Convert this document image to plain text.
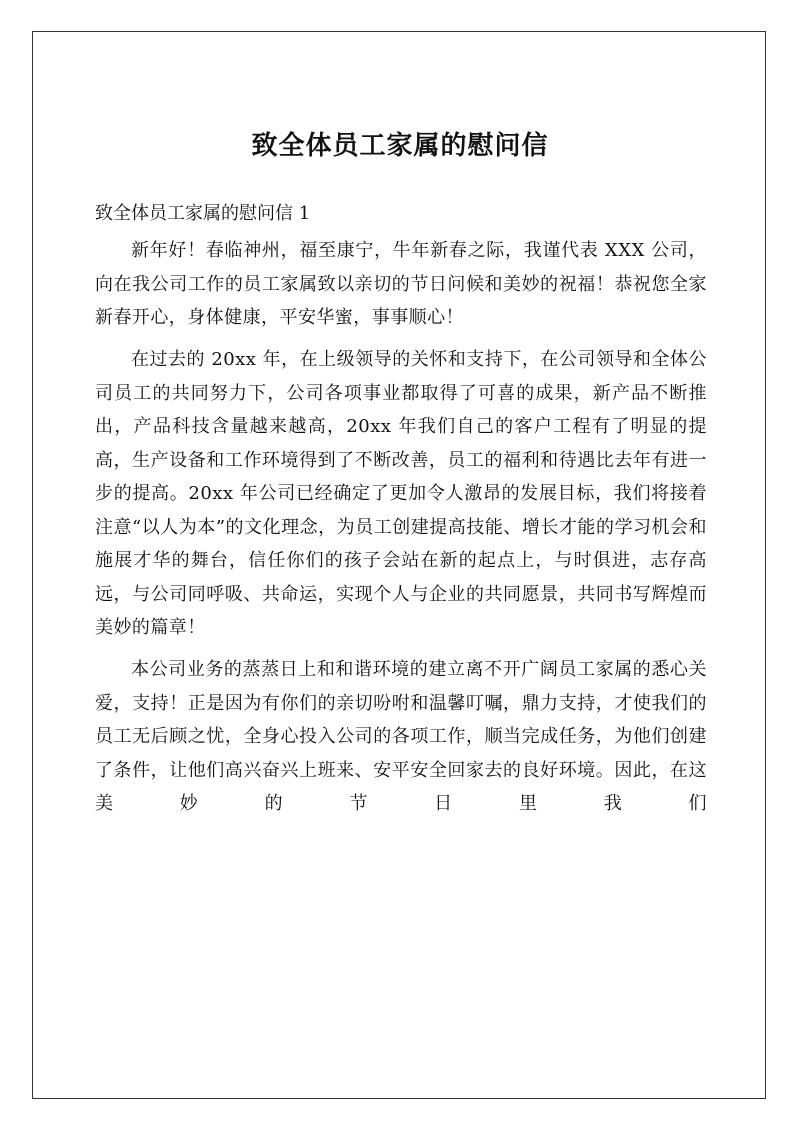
致全体员工家属的慰问信

致全体员工家属的慰问信 1

新年好！春临神州，福至康宁，牛年新春之际，我谨代表 XXX 公司，向在我公司工作的员工家属致以亲切的节日问候和美妙的祝福！恭祝您全家新春开心，身体健康，平安华蜜，事事顺心！

在过去的 20xx 年，在上级领导的关怀和支持下，在公司领导和全体公司员工的共同努力下，公司各项事业都取得了可喜的成果，新产品不断推出，产品科技含量越来越高，20xx 年我们自己的客户工程有了明显的提高，生产设备和工作环境得到了不断改善，员工的福利和待遇比去年有进一步的提高。20xx 年公司已经确定了更加令人激昂的发展目标，我们将接着注意“以人为本”的文化理念，为员工创建提高技能、增长才能的学习机会和施展才华的舞台，信任你们的孩子会站在新的起点上，与时俱进，志存高远，与公司同呼吸、共命运，实现个人与企业的共同愿景，共同书写辉煌而美妙的篇章！

本公司业务的蒸蒸日上和和谐环境的建立离不开广阔员工家属的悉心关爱，支持！正是因为有你们的亲切吩咐和温馨叮嘱，鼎力支持，才使我们的员工无后顾之忧，全身心投入公司的各项工作，顺当完成任务，为他们创建了条件，让他们高兴奋兴上班来、安平安全回家去的良好环境。因此，在这美妙的节日里我们
